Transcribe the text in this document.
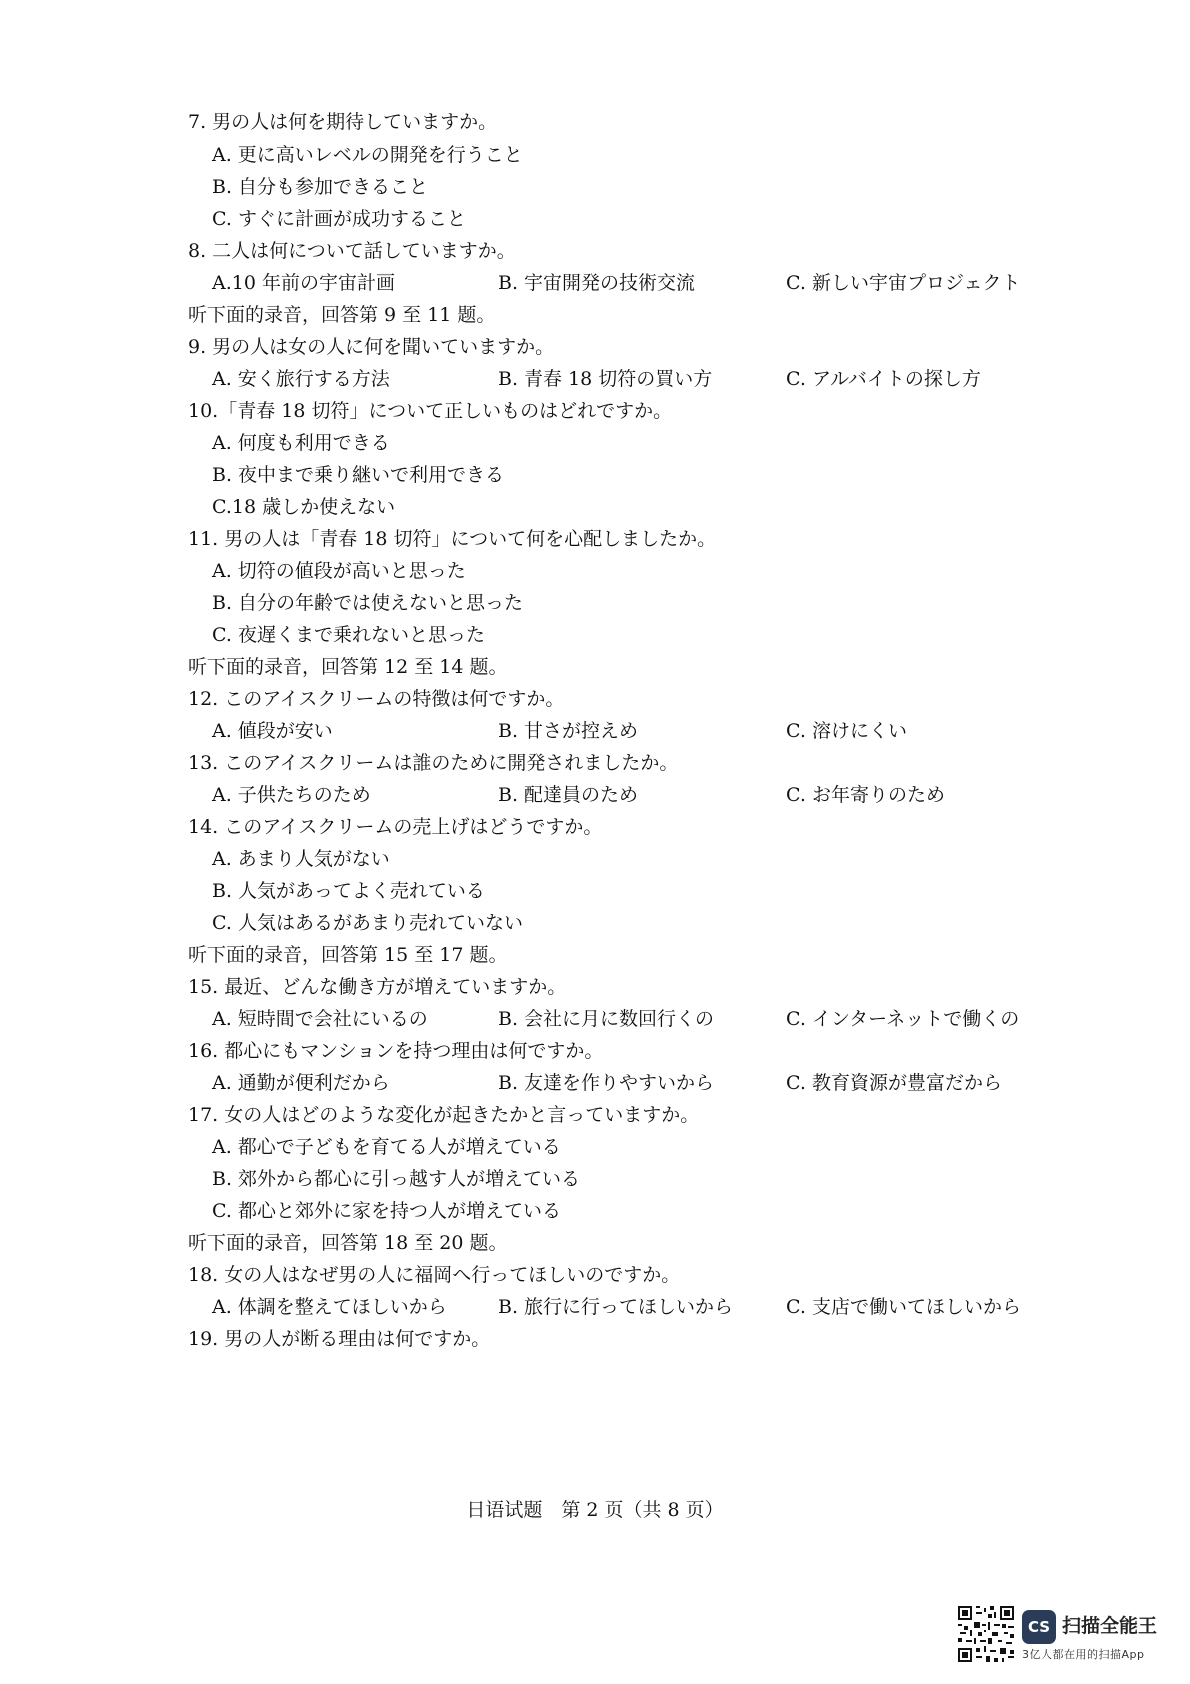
7. 男の人は何を期待していますか。
A. 更に高いレベルの開発を行うこと
B. 自分も参加できること
C. すぐに計画が成功すること
8. 二人は何について話していますか。
A.10 年前の宇宙計画	B. 宇宙開発の技術交流	C. 新しい宇宙プロジェクト
听下面的录音，回答第 9 至 11 题。
9. 男の人は女の人に何を聞いていますか。
A. 安く旅行する方法	B. 青春 18 切符の買い方	C. アルバイトの探し方
10.「青春 18 切符」について正しいものはどれですか。
A. 何度も利用できる
B. 夜中まで乗り継いで利用できる
C.18 歳しか使えない
11. 男の人は「青春 18 切符」について何を心配しましたか。
A. 切符の値段が高いと思った
B. 自分の年齢では使えないと思った
C. 夜遅くまで乗れないと思った
听下面的录音，回答第 12 至 14 题。
12. このアイスクリームの特徴は何ですか。
A. 値段が安い	B. 甘さが控えめ	C. 溶けにくい
13. このアイスクリームは誰のために開発されましたか。
A. 子供たちのため	B. 配達員のため	C. お年寄りのため
14. このアイスクリームの売上げはどうですか。
A. あまり人気がない
B. 人気があってよく売れている
C. 人気はあるがあまり売れていない
听下面的录音，回答第 15 至 17 题。
15. 最近、どんな働き方が増えていますか。
A. 短時間で会社にいるの	B. 会社に月に数回行くの	C. インターネットで働くの
16. 都心にもマンションを持つ理由は何ですか。
A. 通勤が便利だから	B. 友達を作りやすいから	C. 教育資源が豊富だから
17. 女の人はどのような変化が起きたかと言っていますか。
A. 都心で子どもを育てる人が増えている
B. 郊外から都心に引っ越す人が増えている
C. 都心と郊外に家を持つ人が増えている
听下面的录音，回答第 18 至 20 题。
18. 女の人はなぜ男の人に福岡へ行ってほしいのですか。
A. 体調を整えてほしいから	B. 旅行に行ってほしいから	C. 支店で働いてほしいから
19. 男の人が断る理由は何ですか。
日语试题　第 2 页（共 8 页）
CS 扫描全能王
3亿人都在用的扫描App
